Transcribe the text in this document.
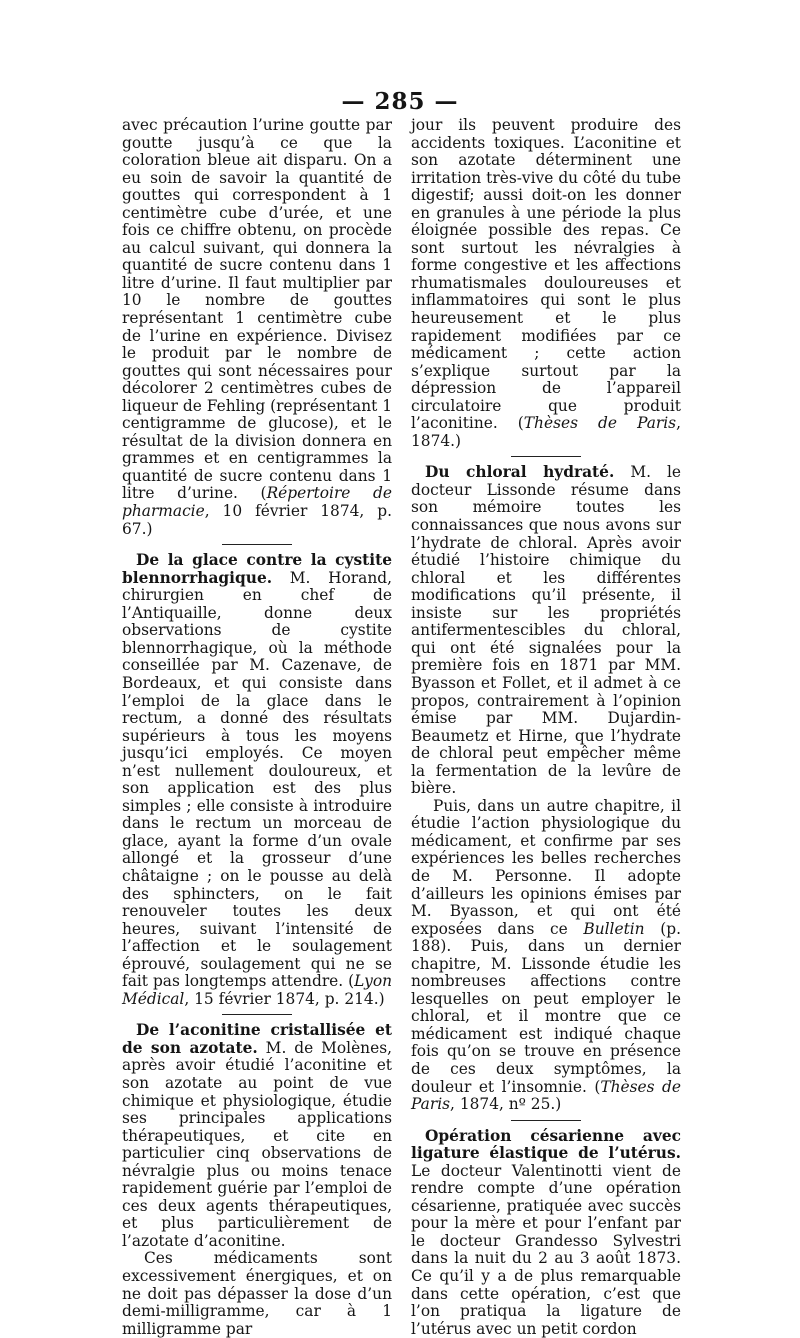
— 285 —

avec précaution l’urine goutte par goutte jusqu’à ce que la coloration bleue ait disparu. On a eu soin de savoir la quantité de gouttes qui correspondent à 1 centimètre cube d’urée, et une fois ce chiffre obtenu, on procède au calcul suivant, qui donnera la quantité de sucre contenu dans 1 litre d’urine. Il faut multiplier par 10 le nombre de gouttes représentant 1 centimètre cube de l’urine en expérience. Divisez le produit par le nombre de gouttes qui sont nécessaires pour décolorer 2 centimètres cubes de liqueur de Fehling (représentant 1 centigramme de glucose), et le résultat de la division donnera en grammes et en centigrammes la quantité de sucre contenu dans 1 litre d’urine. (Répertoire de pharmacie, 10 février 1874, p. 67.)

De la glace contre la cystite blennorrhagique. M. Horand, chirurgien en chef de l’Antiquaille, donne deux observations de cystite blennorrhagique, où la méthode conseillée par M. Cazenave, de Bordeaux, et qui consiste dans l’emploi de la glace dans le rectum, a donné des résultats supérieurs à tous les moyens jusqu’ici employés. Ce moyen n’est nullement douloureux, et son application est des plus simples ; elle consiste à introduire dans le rectum un morceau de glace, ayant la forme d’un ovale allongé et la grosseur d’une châtaigne ; on le pousse au delà des sphincters, on le fait renouveler toutes les deux heures, suivant l’intensité de l’affection et le soulagement éprouvé, soulagement qui ne se fait pas longtemps attendre. (Lyon Médical, 15 février 1874, p. 214.)

De l’aconitine cristallisée et de son azotate. M. de Molènes, après avoir étudié l’aconitine et son azotate au point de vue chimique et physiologique, étudie ses principales applications thérapeutiques, et cite en particulier cinq observations de névralgie plus ou moins tenace rapidement guérie par l’emploi de ces deux agents thérapeutiques, et plus particulièrement de l’azotate d’aconitine.

Ces médicaments sont excessivement énergiques, et on ne doit pas dépasser la dose d’un demi-milligramme, car à 1 milligramme par

jour ils peuvent produire des accidents toxiques. L’aconitine et son azotate déterminent une irritation très-vive du côté du tube digestif; aussi doit-on les donner en granules à une période la plus éloignée possible des repas. Ce sont surtout les névralgies à forme congestive et les affections rhumatismales douloureuses et inflammatoires qui sont le plus heureusement et le plus rapidement modifiées par ce médicament ; cette action s’explique surtout par la dépression de l’appareil circulatoire que produit l’aconitine. (Thèses de Paris, 1874.)

Du chloral hydraté. M. le docteur Lissonde résume dans son mémoire toutes les connaissances que nous avons sur l’hydrate de chloral. Après avoir étudié l’histoire chimique du chloral et les différentes modifications qu’il présente, il insiste sur les propriétés antifermentescibles du chloral, qui ont été signalées pour la première fois en 1871 par MM. Byasson et Follet, et il admet à ce propos, contrairement à l’opinion émise par MM. Dujardin-Beaumetz et Hirne, que l’hydrate de chloral peut empêcher même la fermentation de la levûre de bière.

Puis, dans un autre chapitre, il étudie l’action physiologique du médicament, et confirme par ses expériences les belles recherches de M. Personne. Il adopte d’ailleurs les opinions émises par M. Byasson, et qui ont été exposées dans ce Bulletin (p. 188). Puis, dans un dernier chapitre, M. Lissonde étudie les nombreuses affections contre lesquelles on peut employer le chloral, et il montre que ce médicament est indiqué chaque fois qu’on se trouve en présence de ces deux symptômes, la douleur et l’insomnie. (Thèses de Paris, 1874, nº 25.)

Opération césarienne avec ligature élastique de l’utérus. Le docteur Valentinotti vient de rendre compte d’une opération césarienne, pratiquée avec succès pour la mère et pour l’enfant par le docteur Grandesso Sylvestri dans la nuit du 2 au 3 août 1873. Ce qu’il y a de plus remarquable dans cette opération, c’est que l’on pratiqua la ligature de l’utérus avec un petit cordon
